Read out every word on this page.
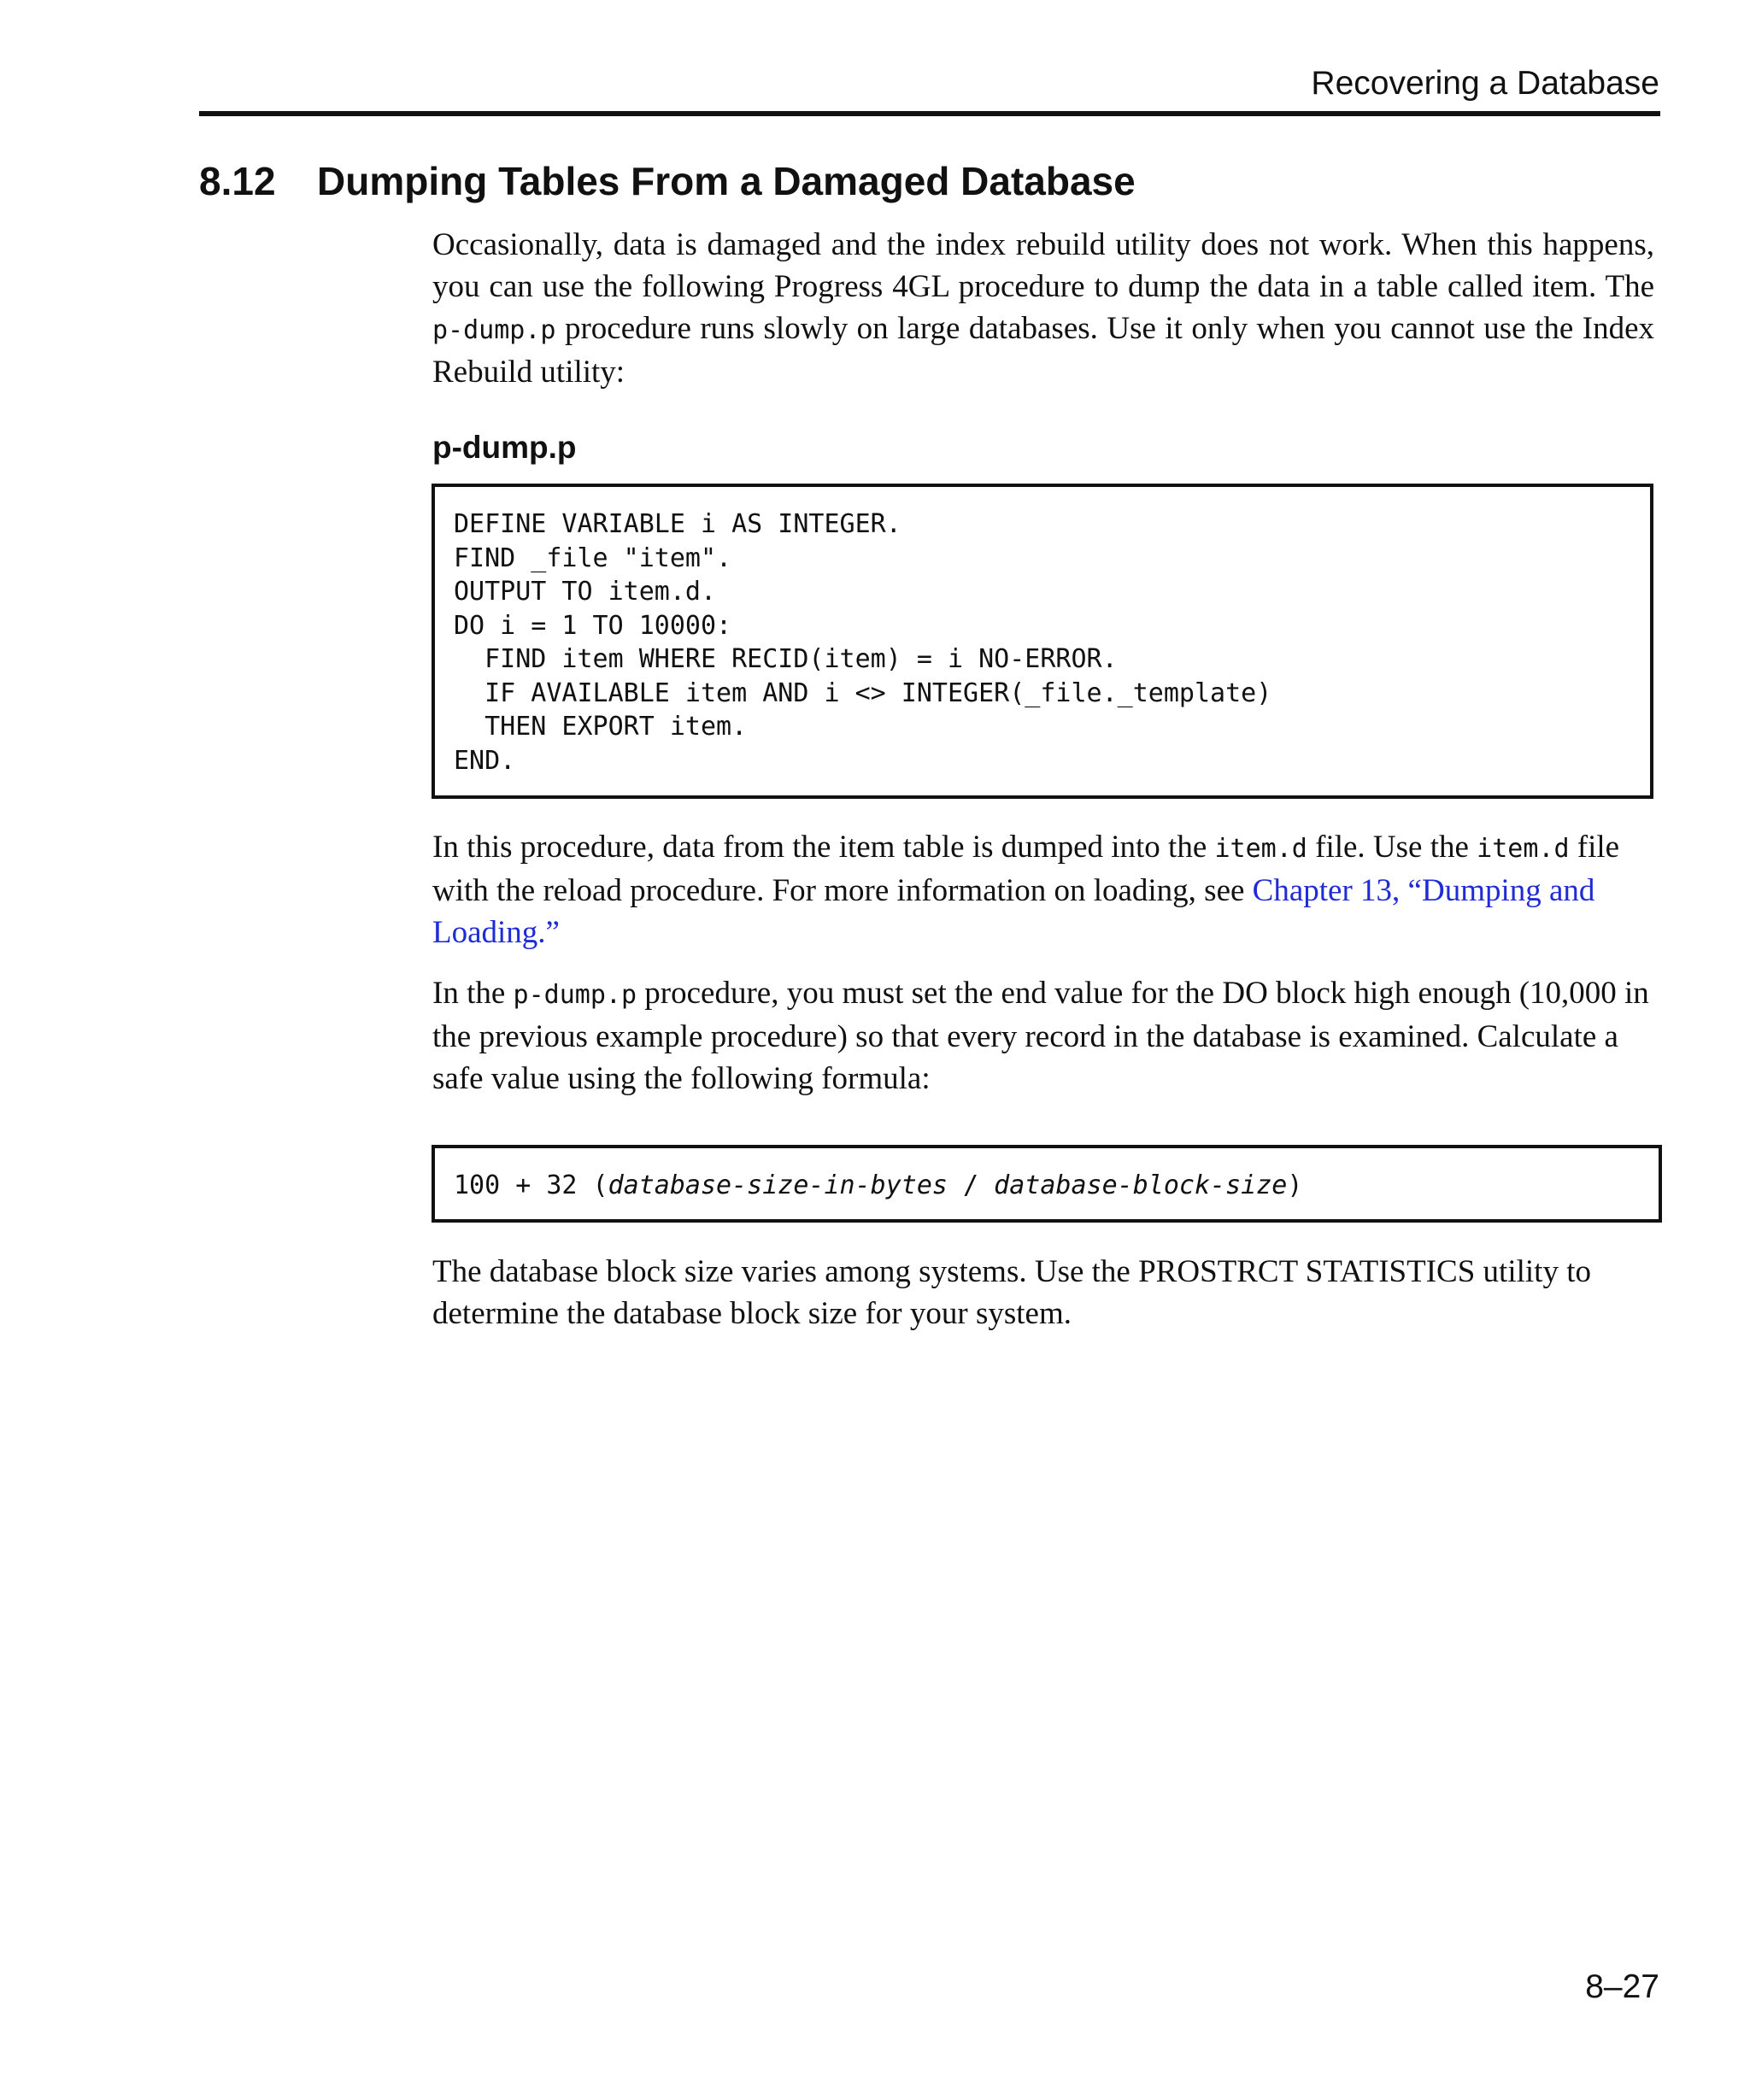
Recovering a Database
8.12 Dumping Tables From a Damaged Database

Occasionally, data is damaged and the index rebuild utility does not work. When this happens, you can use the following Progress 4GL procedure to dump the data in a table called item. The p-dump.p procedure runs slowly on large databases. Use it only when you cannot use the Index Rebuild utility:

p-dump.p
DEFINE VARIABLE i AS INTEGER.
FIND _file "item".
OUTPUT TO item.d.
DO i = 1 TO 10000:
FIND item WHERE RECID(item) = i NO-ERROR.
IF AVAILABLE item AND i <> INTEGER(_file._template)
THEN EXPORT item.
END.

In this procedure, data from the item table is dumped into the item.d file. Use the item.d file with the reload procedure. For more information on loading, see Chapter 13, “Dumping and Loading.”

In the p-dump.p procedure, you must set the end value for the DO block high enough (10,000 in the previous example procedure) so that every record in the database is examined. Calculate a safe value using the following formula:

100 + 32 (database-size-in-bytes / database-block-size)

The database block size varies among systems. Use the PROSTRCT STATISTICS utility to determine the database block size for your system.

8–27
